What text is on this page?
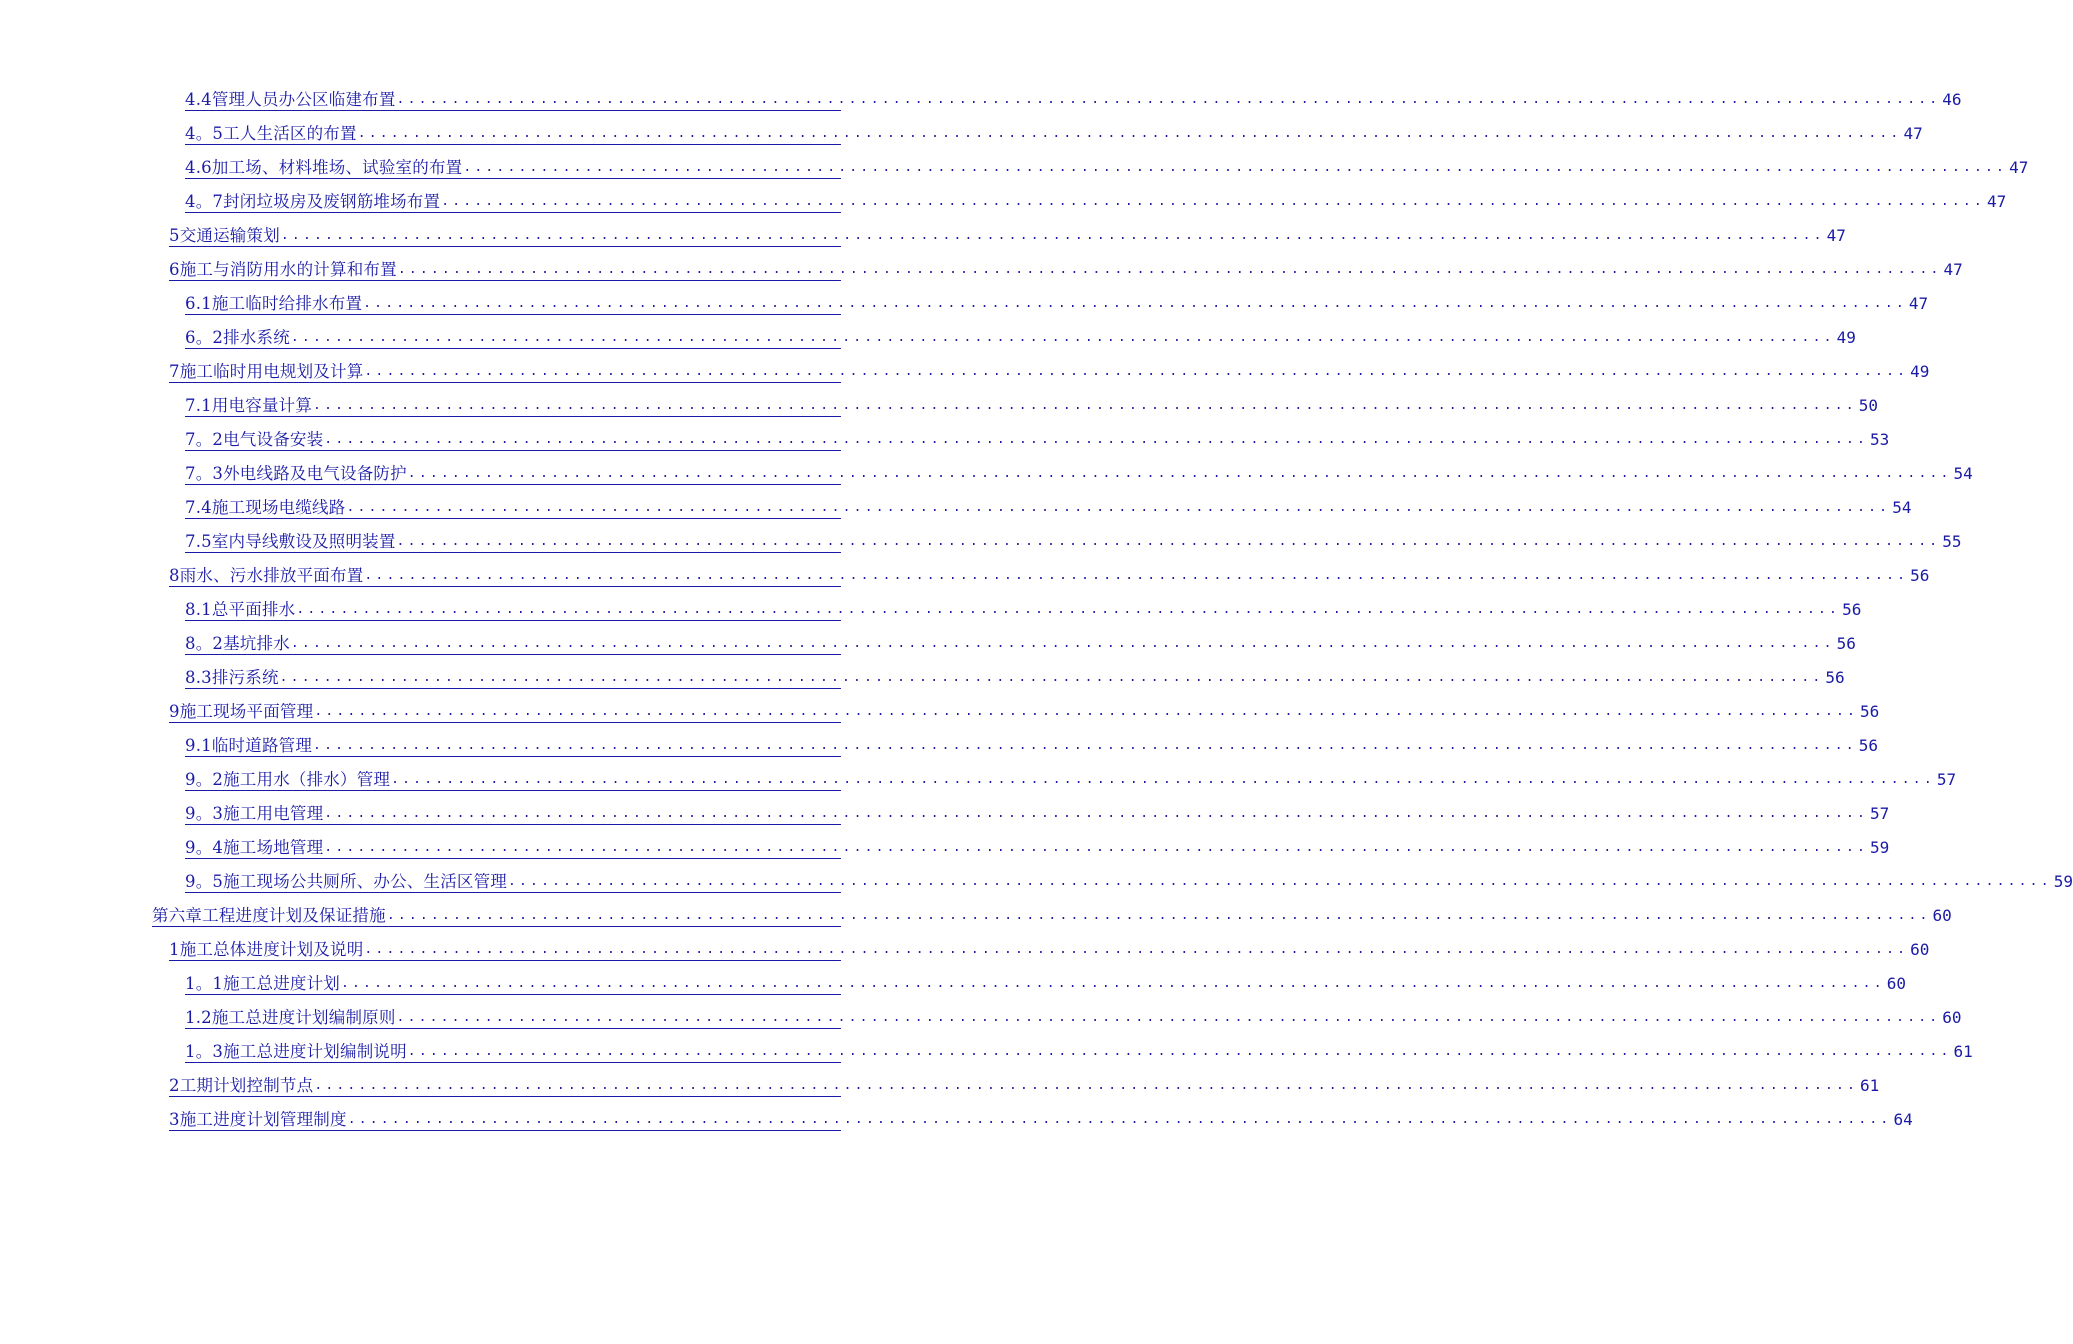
4.4管理人员办公区临建布置 ............................................................................................................................................ 46
4。5工人生活区的布置 ............................................................................................................................................ 47
4.6加工场、材料堆场、试验室的布置 ............................................................................................................................................ 47
4。7封闭垃圾房及废钢筋堆场布置 ............................................................................................................................................ 47
5交通运输策划 ............................................................................................................................................ 47
6施工与消防用水的计算和布置 ............................................................................................................................................ 47
6.1施工临时给排水布置 ............................................................................................................................................ 47
6。2排水系统 ............................................................................................................................................ 49
7施工临时用电规划及计算 ............................................................................................................................................ 49
7.1用电容量计算 ............................................................................................................................................ 50
7。2电气设备安装 ............................................................................................................................................ 53
7。3外电线路及电气设备防护 ............................................................................................................................................ 54
7.4施工现场电缆线路 ............................................................................................................................................ 54
7.5室内导线敷设及照明装置 ............................................................................................................................................ 55
8雨水、污水排放平面布置 ............................................................................................................................................ 56
8.1总平面排水 ............................................................................................................................................ 56
8。2基坑排水 ............................................................................................................................................ 56
8.3排污系统 ............................................................................................................................................ 56
9施工现场平面管理 ............................................................................................................................................ 56
9.1临时道路管理 ............................................................................................................................................ 56
9。2施工用水（排水）管理 ............................................................................................................................................ 57
9。3施工用电管理 ............................................................................................................................................ 57
9。4施工场地管理 ............................................................................................................................................ 59
9。5施工现场公共厕所、办公、生活区管理 ............................................................................................................................................ 59
第六章工程进度计划及保证措施 ............................................................................................................................................ 60
1施工总体进度计划及说明 ............................................................................................................................................ 60
1。1施工总进度计划 ............................................................................................................................................ 60
1.2施工总进度计划编制原则 ............................................................................................................................................ 60
1。3施工总进度计划编制说明 ............................................................................................................................................ 61
2工期计划控制节点 ............................................................................................................................................ 61
3施工进度计划管理制度 ............................................................................................................................................ 64
